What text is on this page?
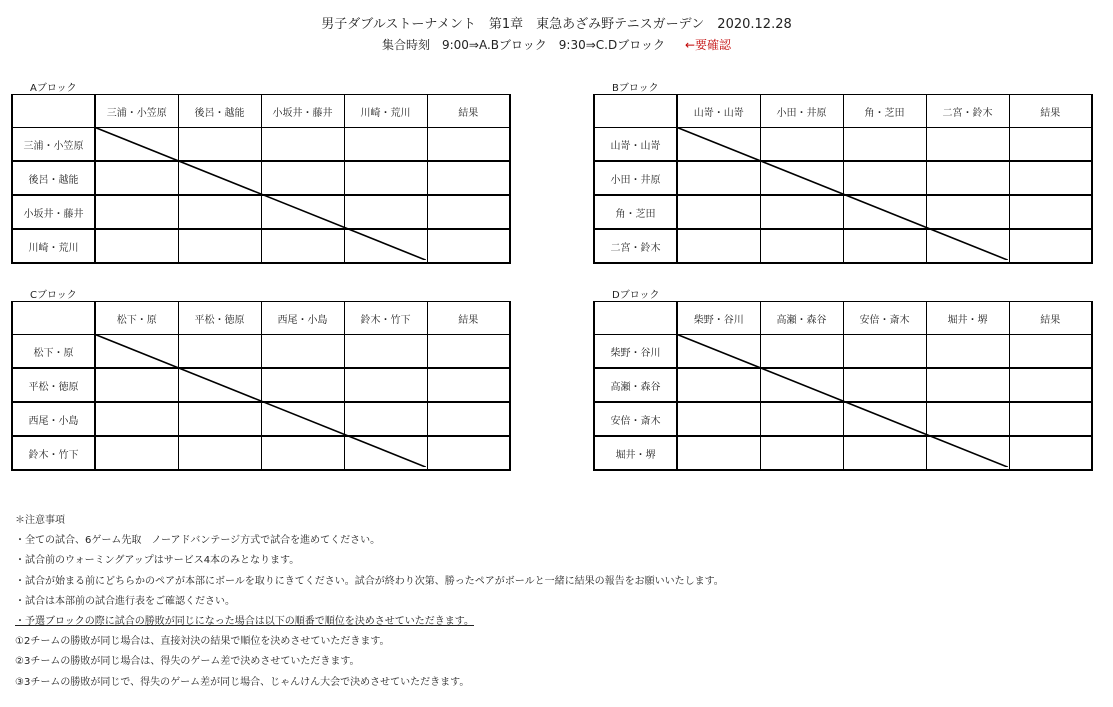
男子ダブルストーナメント　第1章　東急あざみ野テニスガーデン　2020.12.28
集合時刻　9:00⇒A.Bブロック　9:30⇒C.Dブロック ←要確認
Aブロック
	三浦・小笠原	後呂・越能	小坂井・藤井	川崎・荒川	結果
三浦・小笠原					
後呂・越能					
小坂井・藤井					
川崎・荒川					
Bブロック
	山嵜・山嵜	小田・井原	角・芝田	二宮・鈴木	結果
山嵜・山嵜					
小田・井原					
角・芝田					
二宮・鈴木					
Cブロック
	松下・原	平松・徳原	西尾・小島	鈴木・竹下	結果
松下・原					
平松・徳原					
西尾・小島					
鈴木・竹下					
Dブロック
	柴野・谷川	高瀬・森谷	安倍・斎木	堀井・堺	結果
柴野・谷川					
高瀬・森谷					
安倍・斎木					
堀井・堺					
＊注意事項
・全ての試合、6ゲーム先取　ノーアドバンテージ方式で試合を進めてください。
・試合前のウォーミングアップはサービス4本のみとなります。
・試合が始まる前にどちらかのペアが本部にボールを取りにきてください。試合が終わり次第、勝ったペアがボールと一緒に結果の報告をお願いいたします。
・試合は本部前の試合進行表をご確認ください。
・予選ブロックの際に試合の勝敗が同じになった場合は以下の順番で順位を決めさせていただきます。
①2チームの勝敗が同じ場合は、直接対決の結果で順位を決めさせていただきます。
②3チームの勝敗が同じ場合は、得失のゲーム差で決めさせていただきます。
③3チームの勝敗が同じで、得失のゲーム差が同じ場合、じゃんけん大会で決めさせていただきます。
